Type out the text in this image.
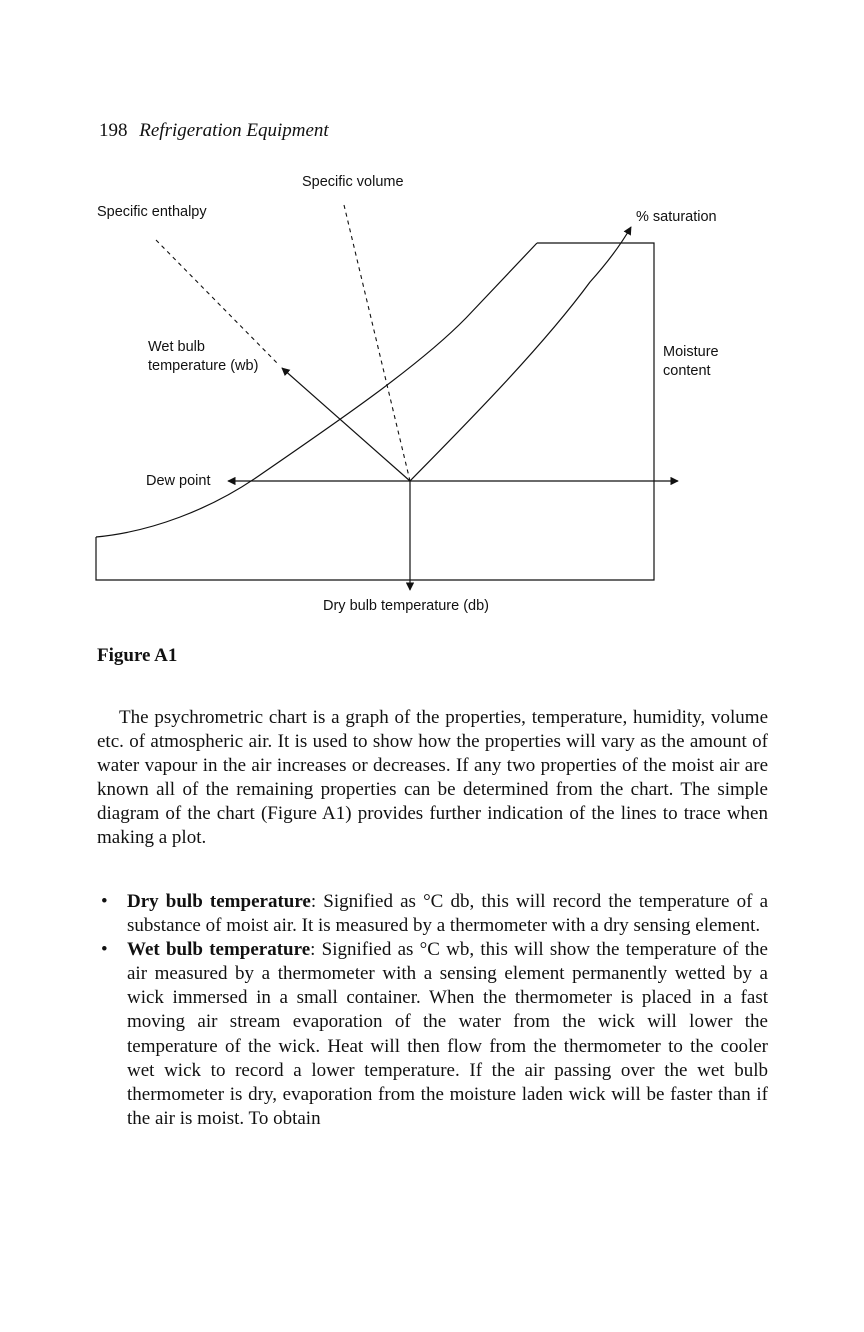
198 Refrigeration Equipment
Specific volume
Specific enthalpy	% saturation
Wet bulb
temperature (wb)
Moisture
content
Dew point
Dry bulb temperature (db)
Figure A1

The psychrometric chart is a graph of the properties, temperature, humidity, volume etc. of atmospheric air. It is used to show how the properties will vary as the amount of water vapour in the air increases or decreases. If any two properties of the moist air are known all of the remaining properties can be determined from the chart. The simple diagram of the chart (Figure A1) provides further indication of the lines to trace when making a plot.

• Dry bulb temperature: Signified as °C db, this will record the temperature of a substance of moist air. It is measured by a thermometer with a dry sensing element.
• Wet bulb temperature: Signified as °C wb, this will show the temperature of the air measured by a thermometer with a sensing element permanently wetted by a wick immersed in a small container. When the thermometer is placed in a fast moving air stream evaporation of the water from the wick will lower the temperature of the wick. Heat will then flow from the thermometer to the cooler wet wick to record a lower temperature. If the air passing over the wet bulb thermometer is dry, evaporation from the moisture laden wick will be faster than if the air is moist. To obtain
